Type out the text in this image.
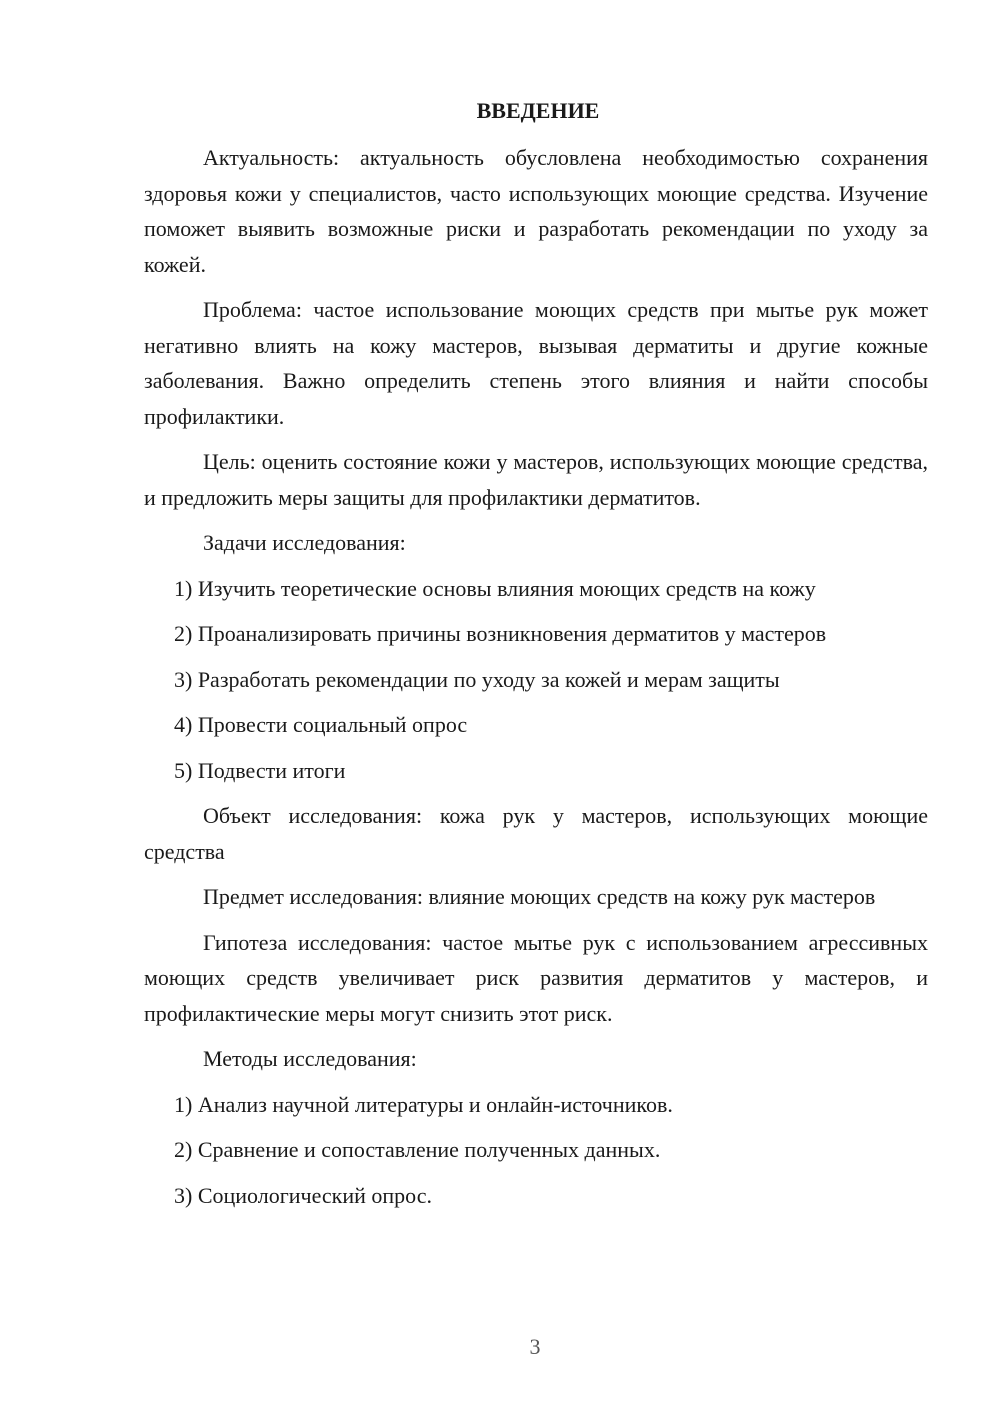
ВВЕДЕНИЕ

Актуальность: актуальность обусловлена необходимостью сохранения здоровья кожи у специалистов, часто использующих моющие средства. Изучение поможет выявить возможные риски и разработать рекомендации по уходу за кожей.

Проблема: частое использование моющих средств при мытье рук может негативно влиять на кожу мастеров, вызывая дерматиты и другие кожные заболевания. Важно определить степень этого влияния и найти способы профилактики.

Цель: оценить состояние кожи у мастеров, использующих моющие средства, и предложить меры защиты для профилактики дерматитов.

Задачи исследования:

1) Изучить теоретические основы влияния моющих средств на кожу
2) Проанализировать причины возникновения дерматитов у мастеров
3) Разработать рекомендации по уходу за кожей и мерам защиты
4) Провести социальный опрос
5) Подвести итоги

Объект исследования: кожа рук у мастеров, использующих моющие средства

Предмет исследования: влияние моющих средств на кожу рук мастеров

Гипотеза исследования: частое мытье рук с использованием агрессивных моющих средств увеличивает риск развития дерматитов у мастеров, и профилактические меры могут снизить этот риск.

Методы исследования:

1) Анализ научной литературы и онлайн-источников.
2) Сравнение и сопоставление полученных данных.
3) Социологический опрос.
3
